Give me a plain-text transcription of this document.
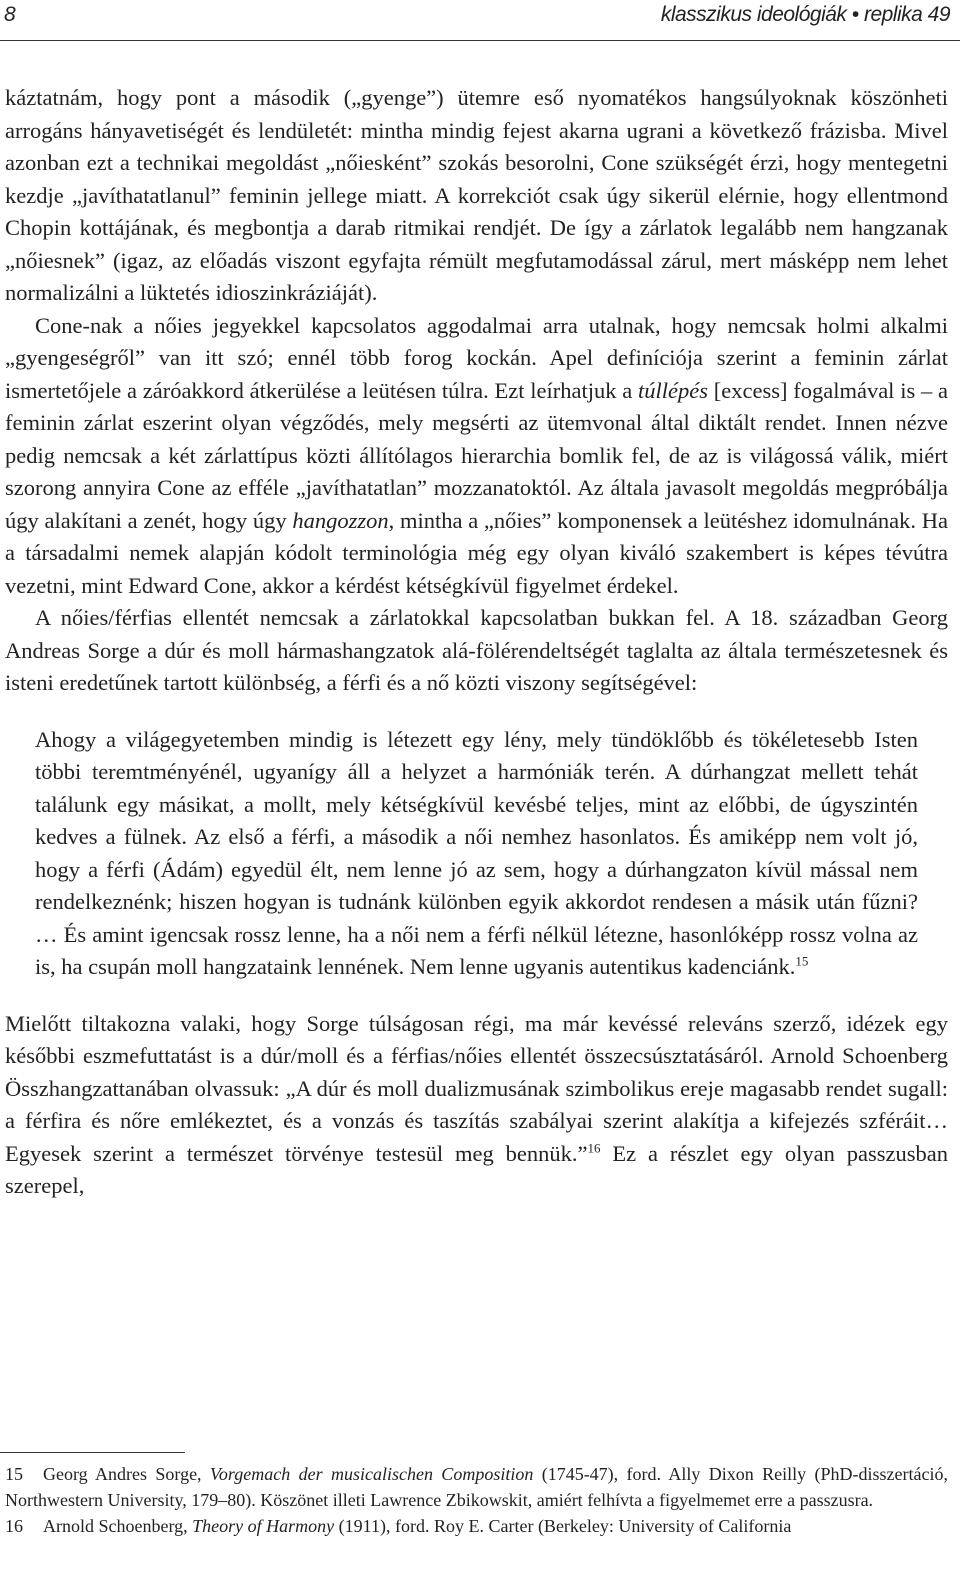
8	klasszikus ideológiák • replika 49

káztatnám, hogy pont a második („gyenge”) ütemre eső nyomatékos hangsúlyoknak köszönheti arrogáns hányavetiségét és lendületét: mintha mindig fejest akarna ugrani a következő frázisba. Mivel azonban ezt a technikai megoldást „nőiesként” szokás besorolni, Cone szükségét érzi, hogy mentegetni kezdje „javíthatatlanul” feminin jellege miatt. A korrekciót csak úgy sikerül elérnie, hogy ellentmond Chopin kottájának, és megbontja a darab ritmikai rendjét. De így a zárlatok legalább nem hangzanak „nőiesnek” (igaz, az előadás viszont egyfajta rémült megfutamodással zárul, mert másképp nem lehet normalizálni a lüktetés idioszinkráziáját).

Cone-nak a nőies jegyekkel kapcsolatos aggodalmai arra utalnak, hogy nemcsak holmi alkalmi „gyengeségről” van itt szó; ennél több forog kockán. Apel definíciója szerint a feminin zárlat ismertetőjele a záróakkord átkerülése a leütésen túlra. Ezt leírhatjuk a túllépés [excess] fogalmával is – a feminin zárlat eszerint olyan végződés, mely megsérti az ütemvonal által diktált rendet. Innen nézve pedig nemcsak a két zárlattípus közti állítólagos hierarchia bomlik fel, de az is világossá válik, miért szorong annyira Cone az efféle „javíthatatlan” mozzanatoktól. Az általa javasolt megoldás megpróbálja úgy alakítani a zenét, hogy úgy hangozzon, mintha a „nőies” komponensek a leütéshez idomulnának. Ha a társadalmi nemek alapján kódolt terminológia még egy olyan kiváló szakembert is képes tévútra vezetni, mint Edward Cone, akkor a kérdést kétségkívül figyelmet érdekel.

A nőies/férfias ellentét nemcsak a zárlatokkal kapcsolatban bukkan fel. A 18. században Georg Andreas Sorge a dúr és moll hármashangzatok alá-fölérendeltségét taglalta az általa természetesnek és isteni eredetűnek tartott különbség, a férfi és a nő közti viszony segítségével:

Ahogy a világegyetemben mindig is létezett egy lény, mely tündöklőbb és tökéletesebb Isten többi teremtményénél, ugyanígy áll a helyzet a harmóniák terén. A dúrhangzat mellett tehát találunk egy másikat, a mollt, mely kétségkívül kevésbé teljes, mint az előbbi, de úgyszintén kedves a fülnek. Az első a férfi, a második a női nemhez hasonlatos. És amiképp nem volt jó, hogy a férfi (Ádám) egyedül élt, nem lenne jó az sem, hogy a dúrhangzaton kívül mással nem rendelkeznénk; hiszen hogyan is tudnánk különben egyik akkordot rendesen a másik után fűzni? … És amint igencsak rossz lenne, ha a női nem a férfi nélkül létezne, hasonlóképp rossz volna az is, ha csupán moll hangzataink lennének. Nem lenne ugyanis autentikus kadenciánk.$^{15}$

Mielőtt tiltakozna valaki, hogy Sorge túlságosan régi, ma már kevéssé releváns szerző, idézek egy későbbi eszmefuttatást is a dúr/moll és a férfias/nőies ellentét összecsúsztatásáról. Arnold Schoenberg Összhangzattanában olvassuk: „A dúr és moll dualizmusának szimbolikus ereje magasabb rendet sugall: a férfira és nőre emlékeztet, és a vonzás és taszítás szabályai szerint alakítja a kifejezés szféráit… Egyesek szerint a természet törvénye testesül meg bennük.”$^{16}$ Ez a részlet egy olyan passzusban szerepel,

15 Georg Andres Sorge, Vorgemach der musicalischen Composition (1745-47), ford. Ally Dixon Reilly (PhD-disszertáció, Northwestern University, 179–80). Köszönet illeti Lawrence Zbikowskit, amiért felhívta a figyelmemet erre a passzusra.

16 Arnold Schoenberg, Theory of Harmony (1911), ford. Roy E. Carter (Berkeley: University of California
